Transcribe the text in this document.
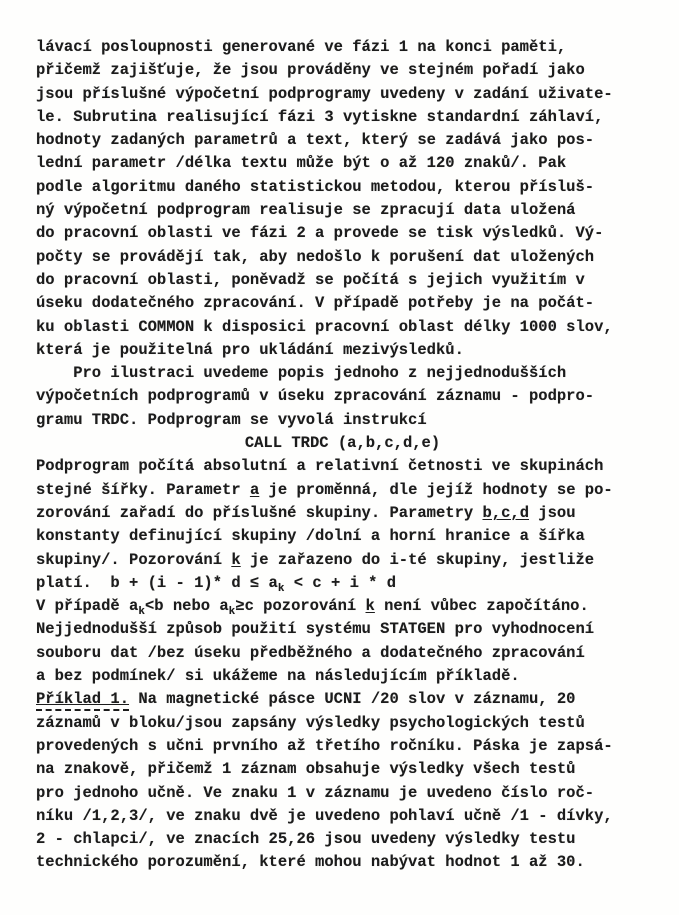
lávací posloupnosti generované ve fázi 1 na konci paměti,
přičemž zajišťuje, že jsou prováděny ve stejném pořadí jako
jsou příslušné výpočetní podprogramy uvedeny v zadání uživate-
le. Subrutina realisující fázi 3 vytiskne standardní záhlaví,
hodnoty zadaných parametrů a text, který se zadává jako pos-
lední parametr /délka textu může být o až 120 znaků/. Pak
podle algoritmu daného statistickou metodou, kterou přísluš-
ný výpočetní podprogram realisuje se zpracují data uložená
do pracovní oblasti ve fázi 2 a provede se tisk výsledků. Vý-
počty se provádějí tak, aby nedošlo k porušení dat uložených
do pracovní oblasti, poněvadž se počítá s jejich využitím v
úseku dodatečného zpracování. V případě potřeby je na počát-
ku oblasti COMMON k disposici pracovní oblast délky 1000 slov,
která je použitelná pro ukládání mezivýsledků.
Pro ilustraci uvedeme popis jednoho z nejjednodušších
výpočetních podprogramů v úseku zpracování záznamu - podpro-
gramu TRDC. Podprogram se vyvolá instrukcí
CALL TRDC (a,b,c,d,e)
Podprogram počítá absolutní a relativní četnosti ve skupinách
stejné šířky. Parametr a je proměnná, dle jejíž hodnoty se po-
zorování zařadí do příslušné skupiny. Parametry b,c,d jsou
konstanty definující skupiny /dolní a horní hranice a šířka
skupiny/. Pozorování k je zařazeno do i-té skupiny, jestliže
platí.  b + (i - 1)* $d \le a_k < c + i * d$
V případě $a_k<b$ nebo $a_k\ge c$ pozorování k není vůbec započítáno.
Nejjednodušší způsob použití systému STATGEN pro vyhodnocení
souboru dat /bez úseku předběžného a dodatečného zpracování
a bez podmínek/ si ukážeme na následujícím příkladě.
Příklad 1. Na magnetické pásce UCNI /20 slov v záznamu, 20
záznamů v bloku/jsou zapsány výsledky psychologických testů
provedených s učni prvního až třetího ročníku. Páska je zapsá-
na znakově, přičemž 1 záznam obsahuje výsledky všech testů
pro jednoho učně. Ve znaku 1 v záznamu je uvedeno číslo roč-
níku /1,2,3/, ve znaku dvě je uvedeno pohlaví učně /1 - dívky,
2 - chlapci/, ve znacích 25,26 jsou uvedeny výsledky testu
technického porozumění, které mohou nabývat hodnot 1 až 30.
